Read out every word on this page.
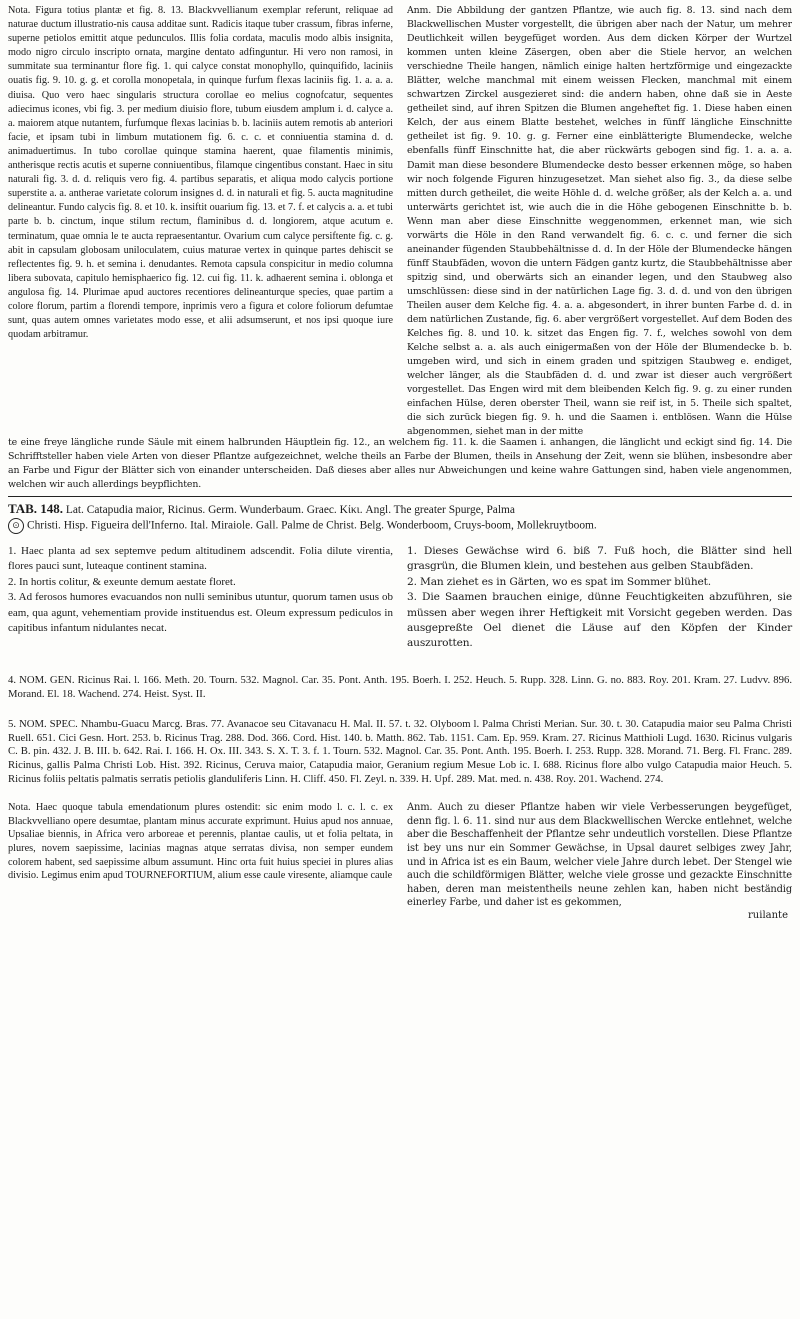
Nota. Figura totius plantæ et fig. 8. 13. Blackvvellianum exemplar referunt, reliquae ad naturae ductum illustratio-nis causa additae sunt. Radicis itaque tuber crassum, fibras inferne, superne petiolos emittit atque pedunculos. Illis folia cordata, maculis modo albis insignita, modo nigro circulo inscripto ornata, margine dentato adfinguntur. Hi vero non ramosi, in summitate sua terminantur flore fig. 1. qui calyce constat monophyllo, quinquifido, laciniis ouatis fig. 9. 10. g. g. et corolla monopetala, in quinque furfum flexas laciniis fig. 1. a. a. a. diuisa. Quo vero haec singularis structura corollae eo melius cognofcatur, sequentes adiecimus icones, vbi fig. 3. per medium diuisio flore, tubum eiusdem amplum i. d. calyce a. a. maiorem atque nutantem, furfumque flexas lacinias b. b. laciniis autem remotis ab anteriori facie, et ipsam tubi in limbum mutationem fig. 6. c. c. et conniuentia stamina d. d. animaduertimus. In tubo corollae quinque stamina haerent, quae filamentis minimis, antherisque rectis acutis et superne conniuentibus, filamque cingentibus constant. Haec in situ naturali fig. 3. d. d. reliquis vero fig. 4. partibus separatis, et aliqua modo calycis portione superstite a. a. antherae varietate colorum insignes d. d. in naturali et fig. 5. aucta magnitudine delineantur. Fundo calycis fig. 8. et 10. k. insiftit ouarium fig. 13. et 7. f. et calycis a. a. et tubi parte b. b. cinctum, inque stilum rectum, flaminibus d. d. longiorem, atque acutum e. terminatum, quae omnia le te aucta repraesentantur. Ovarium cum calyce persiftente fig. c. g. abit in capsulam globosam uniloculatem, cuius maturae vertex in quinque partes dehiscit se reflectentes fig. 9. h. et semina i. denudantes. Remota capsula conspicitur in medio columna libera subovata, capitulo hemisphaerico fig. 12. cui fig. 11. k. adhaerent semina i. oblonga et angulosa fig. 14. Plurimae apud auctores recentiores delineanturque species, quae partim a colore florum, partim a florendi tempore, inprimis vero a figura et colore foliorum defumtae sunt, quas autem omnes varietates modo esse, et alii adsumserunt, et nos ipsi quoque iure quodam arbitramur.

Anm. Die Abbildung der gantzen Pflantze, wie auch fig. 8. 13. sind nach dem Blackwellischen Muster vorgestellt, die übrigen aber nach der Natur, um mehrer Deutlichkeit willen beygefüget worden. Aus dem dicken Körper der Wurtzel kommen unten kleine Zäsergen, oben aber die Stiele hervor, an welchen verschiedne Theile hangen, nämlich einige halten hertzförmige und eingezackte Blätter, welche manchmal mit einem weissen Flecken, manchmal mit einem schwartzen Zirckel ausgezieret sind: die andern haben, ohne daß sie in Aeste getheilet sind, auf ihren Spitzen die Blumen angeheftet fig. 1. Diese haben einen Kelch, der aus einem Blatte bestehet, welches in fünff längliche Einschnitte getheilet ist fig. 9. 10. g. g. Ferner eine einblätterigte Blumendecke, welche ebenfalls fünff Einschnitte hat, die aber rückwärts gebogen sind fig. 1. a. a. a. Damit man diese besondere Blumendecke desto besser erkennen möge, so haben wir noch folgende Figuren hinzugesetzet. Man siehet also fig. 3., da diese selbe mitten durch getheilet, die weite Höhle d. d. welche größer, als der Kelch a. a. und unterwärts gerichtet ist, wie auch die in die Höhe gebogenen Einschnitte b. b. Wenn man aber diese Einschnitte weggenommen, erkennet man, wie sich vorwärts die Höle in den Rand verwandelt fig. 6. c. c. und ferner die sich aneinander fügenden Staubbehältnisse d. d. In der Höle der Blumendecke hängen fünff Staubfäden, wovon die untern Fädgen gantz kurtz, die Staubbehältnisse aber spitzig sind, und oberwärts sich an einander legen, und den Staubweg also umschlüssen: diese sind in der natürlichen Lage fig. 3. d. d. und von den übrigen Theilen auser dem Kelche fig. 4. a. a. abgesondert, in ihrer bunten Farbe d. d. in dem natürlichen Zustande, fig. 6. aber vergrößert vorgestellet. Auf dem Boden des Kelches fig. 8. und 10. k. sitzet das Engen fig. 7. f., welches sowohl von dem Kelche selbst a. a. als auch einigermaßen von der Höle der Blumendecke b. b. umgeben wird, und sich in einem graden und spitzigen Staubweg e. endiget, welcher länger, als die Staubfäden d. d. und zwar ist dieser auch vergrößert vorgestellet. Das Engen wird mit dem bleibenden Kelch fig. 9. g. zu einer runden einfachen Hülse, deren oberster Theil, wann sie reif ist, in 5. Theile sich spaltet, die sich zurück biegen fig. 9. h. und die Saamen i. entblösen. Wann die Hülse abgenommen, siehet man in der mitte

te eine freye längliche runde Säule mit einem halbrunden Häuptlein fig. 12., an welchem fig. 11. k. die Saamen i. anhangen, die länglicht und eckigt sind fig. 14. Die Schrifftsteller haben viele Arten von dieser Pflantze aufgezeichnet, welche theils an Farbe der Blumen, theils in Ansehung der Zeit, wenn sie blühen, insbesondre aber an Farbe und Figur der Blätter sich von einander unterscheiden. Daß dieses aber alles nur Abweichungen und keine wahre Gattungen sind, haben viele angenommen, welchen wir auch allerdings beypflichten.

TAB. 148. Lat. Catapudia maior, Ricinus. Germ. Wunderbaum. Graec. Κίκι. Angl. The greater Spurge, Palma
⊙ Christi. Hisp. Figueira dell'Inferno. Ital. Miraiole. Gall. Palme de Christ. Belg. Wonderboom, Cruys-boom, Mollekruytboom.

1. Haec planta ad sex septemve pedum altitudinem adscendit. Folia dilute virentia, flores pauci sunt, luteaque continent stamina.

2. In hortis colitur, & exeunte demum aestate floret.

3. Ad ferosos humores evacuandos non nulli seminibus utuntur, quorum tamen usus ob eam, qua agunt, vehementiam provide instituendus est. Oleum expressum pediculos in capitibus infantum nidulantes necat.

1. Dieses Gewächse wird 6. biß 7. Fuß hoch, die Blätter sind hell grasgrün, die Blumen klein, und bestehen aus gelben Staubfäden.

2. Man ziehet es in Gärten, wo es spat im Sommer blühet.

3. Die Saamen brauchen einige, dünne Feuchtigkeiten abzuführen, sie müssen aber wegen ihrer Heftigkeit mit Vorsicht gegeben werden. Das ausgepreßte Oel dienet die Läuse auf den Köpfen der Kinder auszurotten.

4. NOM. GEN. Ricinus Rai. l. 166. Meth. 20. Tourn. 532. Magnol. Car. 35. Pont. Anth. 195. Boerh. I. 252. Heuch. 5. Rupp. 328. Linn. G. no. 883. Roy. 201. Kram. 27. Ludvv. 896. Morand. El. 18. Wachend. 274. Heist. Syst. II.

5. NOM. SPEC. Nhambu-Guacu Marcg. Bras. 77. Avanacoe seu Citavanacu H. Mal. II. 57. t. 32. Olyboom l. Palma Christi Merian. Sur. 30. t. 30. Catapudia maior seu Palma Christi Ruell. 651. Cici Gesn. Hort. 253. b. Ricinus Trag. 288. Dod. 366. Cord. Hist. 140. b. Matth. 862. Tab. 1151. Cam. Ep. 959. Kram. 27. Ricinus Matthioli Lugd. 1630. Ricinus vulgaris C. B. pin. 432. J. B. III. b. 642. Rai. I. 166. H. Ox. III. 343. S. X. T. 3. f. 1. Tourn. 532. Magnol. Car. 35. Pont. Anth. 195. Boerh. I. 253. Rupp. 328. Morand. 71. Berg. Fl. Franc. 289. Ricinus, gallis Palma Christi Lob. Hist. 392. Ricinus, Ceruva maior, Catapudia maior, Geranium regium Mesue Lob ic. I. 688. Ricinus flore albo vulgo Catapudia maior Heuch. 5. Ricinus foliis peltatis palmatis serratis petiolis glanduliferis Linn. H. Cliff. 450. Fl. Zeyl. n. 339. H. Upf. 289. Mat. med. n. 438. Roy. 201. Wachend. 274.

Nota. Haec quoque tabula emendationum plures ostendit: sic enim modo l. c. l. c. ex Blackvvelliano opere desumtae, plantam minus accurate exprimunt. Huius apud nos annuae, Upsaliae biennis, in Africa vero arboreae et perennis, plantae caulis, ut et folia peltata, in plures, novem saepissime, lacinias magnas atque serratas divisa, non semper eundem colorem habent, sed saepissime album assumunt. Hinc orta fuit huius speciei in plures alias divisio. Legimus enim apud TOURNEFORTIUM, alium esse caule viresente, aliamque caule

Anm. Auch zu dieser Pflantze haben wir viele Verbesserungen beygefüget, denn fig. l. 6. 11. sind nur aus dem Blackwellischen Wercke entlehnet, welche aber die Beschaffenheit der Pflantze sehr undeutlich vorstellen. Diese Pflantze ist bey uns nur ein Sommer Gewächse, in Upsal dauret selbiges zwey Jahr, und in Africa ist es ein Baum, welcher viele Jahre durch lebet. Der Stengel wie auch die schildförmigen Blätter, welche viele grosse und gezackte Einschnitte haben, deren man meistentheils neune zehlen kan, haben nicht beständig einerley Farbe, und daher ist es gekommen,

ruilante
